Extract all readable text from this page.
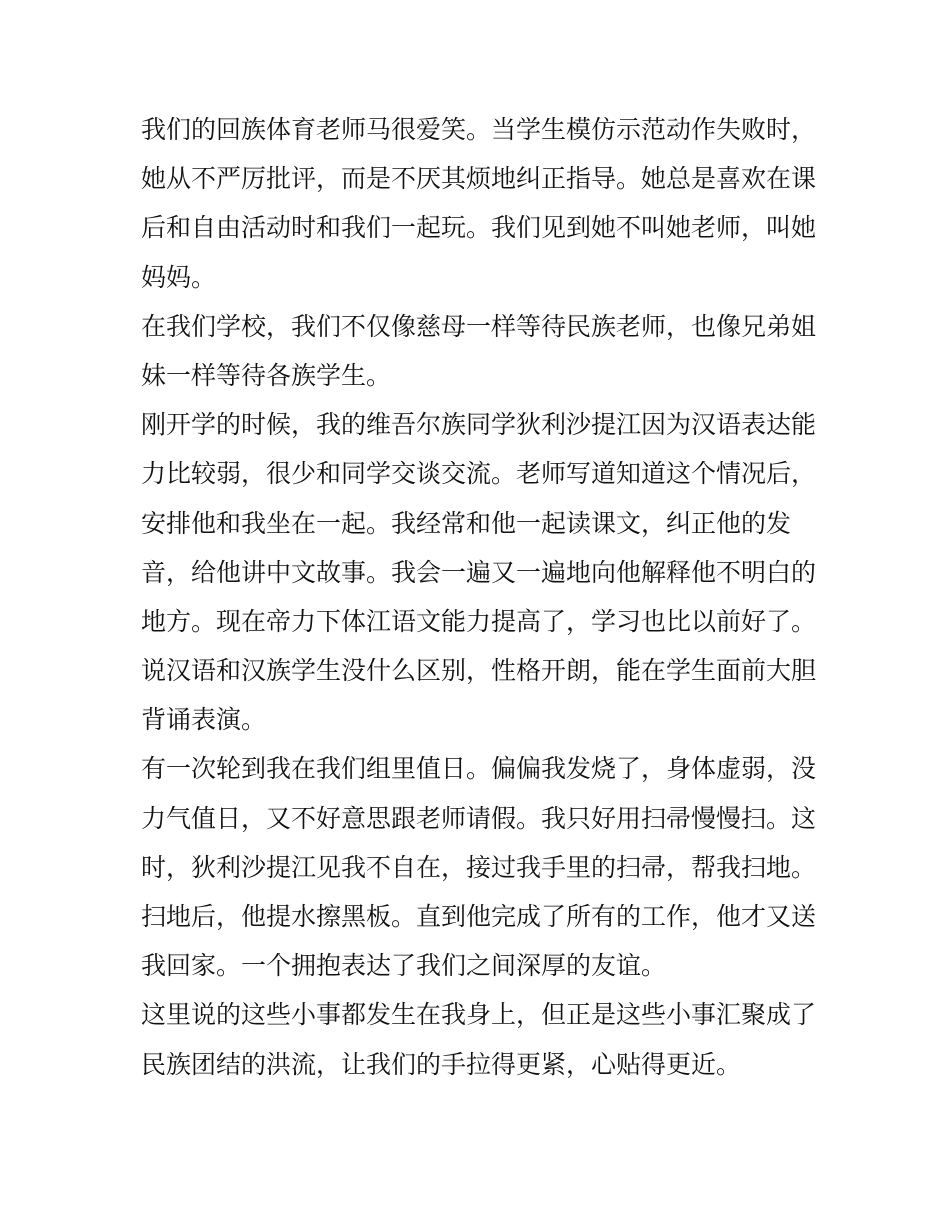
我们的回族体育老师马很爱笑。当学生模仿示范动作失败时，
她从不严厉批评，而是不厌其烦地纠正指导。她总是喜欢在课
后和自由活动时和我们一起玩。我们见到她不叫她老师，叫她
妈妈。
在我们学校，我们不仅像慈母一样等待民族老师，也像兄弟姐
妹一样等待各族学生。
刚开学的时候，我的维吾尔族同学狄利沙提江因为汉语表达能
力比较弱，很少和同学交谈交流。老师写道知道这个情况后，
安排他和我坐在一起。我经常和他一起读课文，纠正他的发
音，给他讲中文故事。我会一遍又一遍地向他解释他不明白的
地方。现在帝力下体江语文能力提高了，学习也比以前好了。
说汉语和汉族学生没什么区别，性格开朗，能在学生面前大胆
背诵表演。
有一次轮到我在我们组里值日。偏偏我发烧了，身体虚弱，没
力气值日，又不好意思跟老师请假。我只好用扫帚慢慢扫。这
时，狄利沙提江见我不自在，接过我手里的扫帚，帮我扫地。
扫地后，他提水擦黑板。直到他完成了所有的工作，他才又送
我回家。一个拥抱表达了我们之间深厚的友谊。
这里说的这些小事都发生在我身上，但正是这些小事汇聚成了
民族团结的洪流，让我们的手拉得更紧，心贴得更近。
